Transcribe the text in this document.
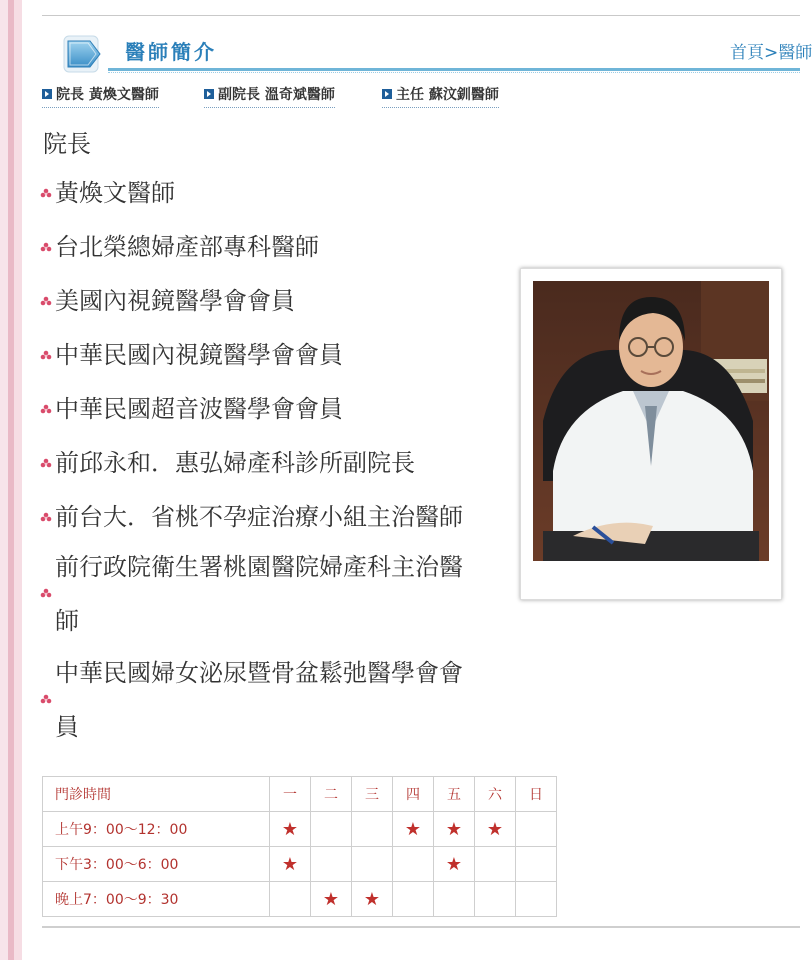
醫師簡介	首頁>醫師
院長 黃煥文醫師	副院長 溫奇斌醫師	主任 蘇汶釧醫師
院長
黃煥文醫師
台北榮總婦產部專科醫師
美國內視鏡醫學會會員
中華民國內視鏡醫學會會員
中華民國超音波醫學會會員
前邱永和．惠弘婦產科診所副院長
前台大．省桃不孕症治療小組主治醫師
前行政院衛生署桃園醫院婦產科主治醫
師
中華民國婦女泌尿暨骨盆鬆弛醫學會會
員
門診時間	一	二	三	四	五	六	日
上午9：00～12：00	★			★	★	★	
下午3：00～6：00	★				★		
晚上7：00～9：30		★	★				
